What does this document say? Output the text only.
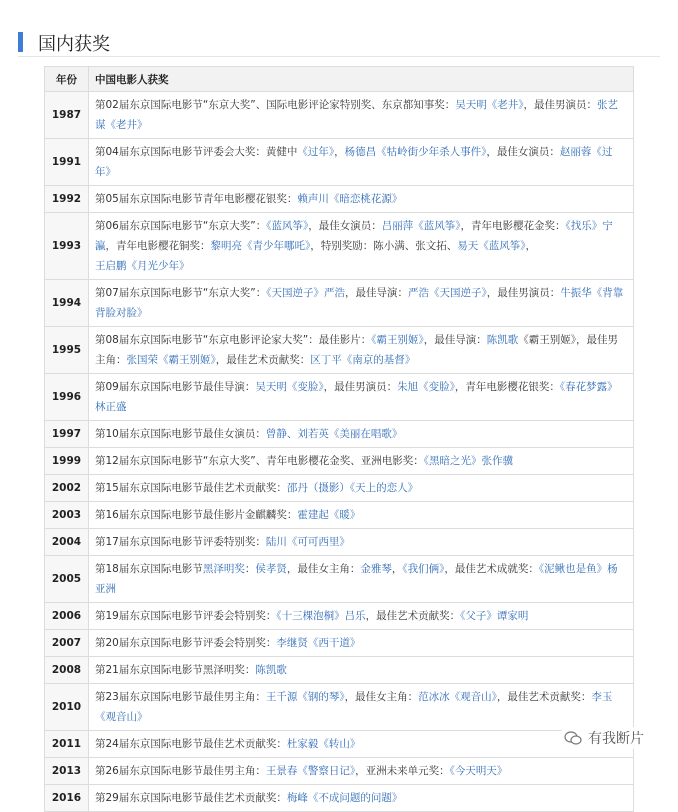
国内获奖
年份	中国电影人获奖
1987	第02届东京国际电影节“东京大奖”、国际电影评论家特别奖、东京都知事奖：吴天明《老井》，最佳男演员：张艺谋《老井》
1991	第04届东京国际电影节评委会大奖：黄健中《过年》，杨德昌《牯岭街少年杀人事件》，最佳女演员：赵丽蓉《过年》
1992	第05届东京国际电影节青年电影樱花银奖：赖声川《暗恋桃花源》
1993	第06届东京国际电影节“东京大奖”：《蓝风筝》，最佳女演员：吕丽萍《蓝风筝》，青年电影樱花金奖：《找乐》宁瀛，青年电影樱花铜奖：黎明亮《青少年哪吒》，特别奖励：陈小满、张文拓、易天《蓝风筝》，王启鹏《月光少年》
1994	第07届东京国际电影节“东京大奖”：《天国逆子》严浩，最佳导演：严浩《天国逆子》，最佳男演员：牛振华《背靠背脸对脸》
1995	第08届东京国际电影节“东京电影评论家大奖”：最佳影片：《霸王别姬》，最佳导演：陈凯歌《霸王别姬》，最佳男主角：张国荣《霸王别姬》，最佳艺术贡献奖：区丁平《南京的基督》
1996	第09届东京国际电影节最佳导演：吴天明《变脸》，最佳男演员：朱旭《变脸》，青年电影樱花银奖：《春花梦露》林正盛
1997	第10届东京国际电影节最佳女演员：曾静、刘若英《美丽在唱歌》
1999	第12届东京国际电影节“东京大奖”、青年电影樱花金奖、亚洲电影奖：《黑暗之光》张作骥
2002	第15届东京国际电影节最佳艺术贡献奖：邵丹（摄影）《天上的恋人》
2003	第16届东京国际电影节最佳影片金麒麟奖：霍建起《暖》
2004	第17届东京国际电影节评委特别奖：陆川《可可西里》
2005	第18届东京国际电影节黑泽明奖：侯孝贤，最佳女主角：金雅琴，《我们俩》，最佳艺术成就奖：《泥鳅也是鱼》杨亚洲
2006	第19届东京国际电影节评委会特别奖：《十三棵泡桐》吕乐，最佳艺术贡献奖：《父子》谭家明
2007	第20届东京国际电影节评委会特别奖：李继贤《西干道》
2008	第21届东京国际电影节黑泽明奖：陈凯歌
2010	第23届东京国际电影节最佳男主角：王千源《钢的琴》，最佳女主角：范冰冰《观音山》，最佳艺术贡献奖：李玉《观音山》
2011	第24届东京国际电影节最佳艺术贡献奖：杜家毅《转山》
2013	第26届东京国际电影节最佳男主角：王景春《警察日记》，亚洲未来单元奖：《今天明天》
2016	第29届东京国际电影节最佳艺术贡献奖：梅峰《不成问题的问题》
有我断片
